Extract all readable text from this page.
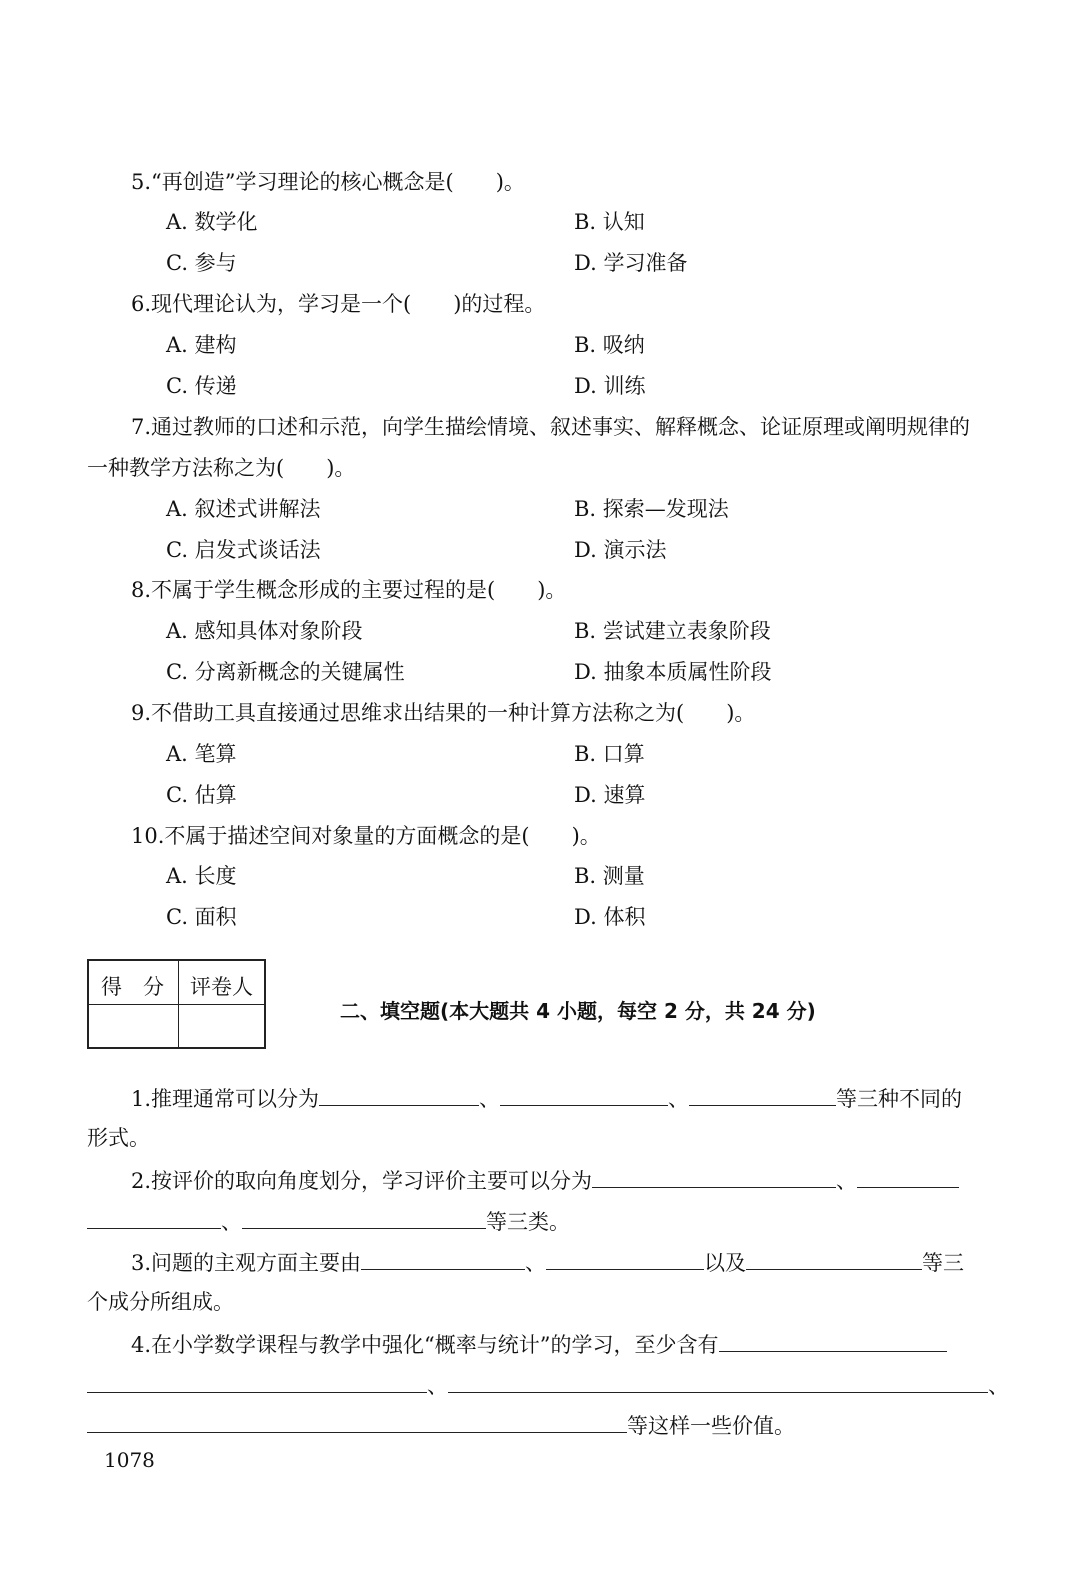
5.“再创造”学习理论的核心概念是(　　)。
A. 数学化	B. 认知
C. 参与	D. 学习准备
6.现代理论认为，学习是一个(　　)的过程。
A. 建构	B. 吸纳
C. 传递	D. 训练
7.通过教师的口述和示范，向学生描绘情境、叙述事实、解释概念、论证原理或阐明规律的
一种教学方法称之为(　　)。
A. 叙述式讲解法	B. 探索—发现法
C. 启发式谈话法	D. 演示法
8.不属于学生概念形成的主要过程的是(　　)。
A. 感知具体对象阶段	B. 尝试建立表象阶段
C. 分离新概念的关键属性	D. 抽象本质属性阶段
9.不借助工具直接通过思维求出结果的一种计算方法称之为(　　)。
A. 笔算	B. 口算
C. 估算	D. 速算
10.不属于描述空间对象量的方面概念的是(　　)。
A. 长度	B. 测量
C. 面积	D. 体积
得　分 评卷人
二、填空题(本大题共 4 小题，每空 2 分，共 24 分)
1.推理通常可以分为	、	、	等三种不同的
形式。
2.按评价的取向角度划分，学习评价主要可以分为	、
、	等三类。
3.问题的主观方面主要由	、	以及	等三
个成分所组成。
4.在小学数学课程与教学中强化“概率与统计”的学习，至少含有
、	、
等这样一些价值。
1078
